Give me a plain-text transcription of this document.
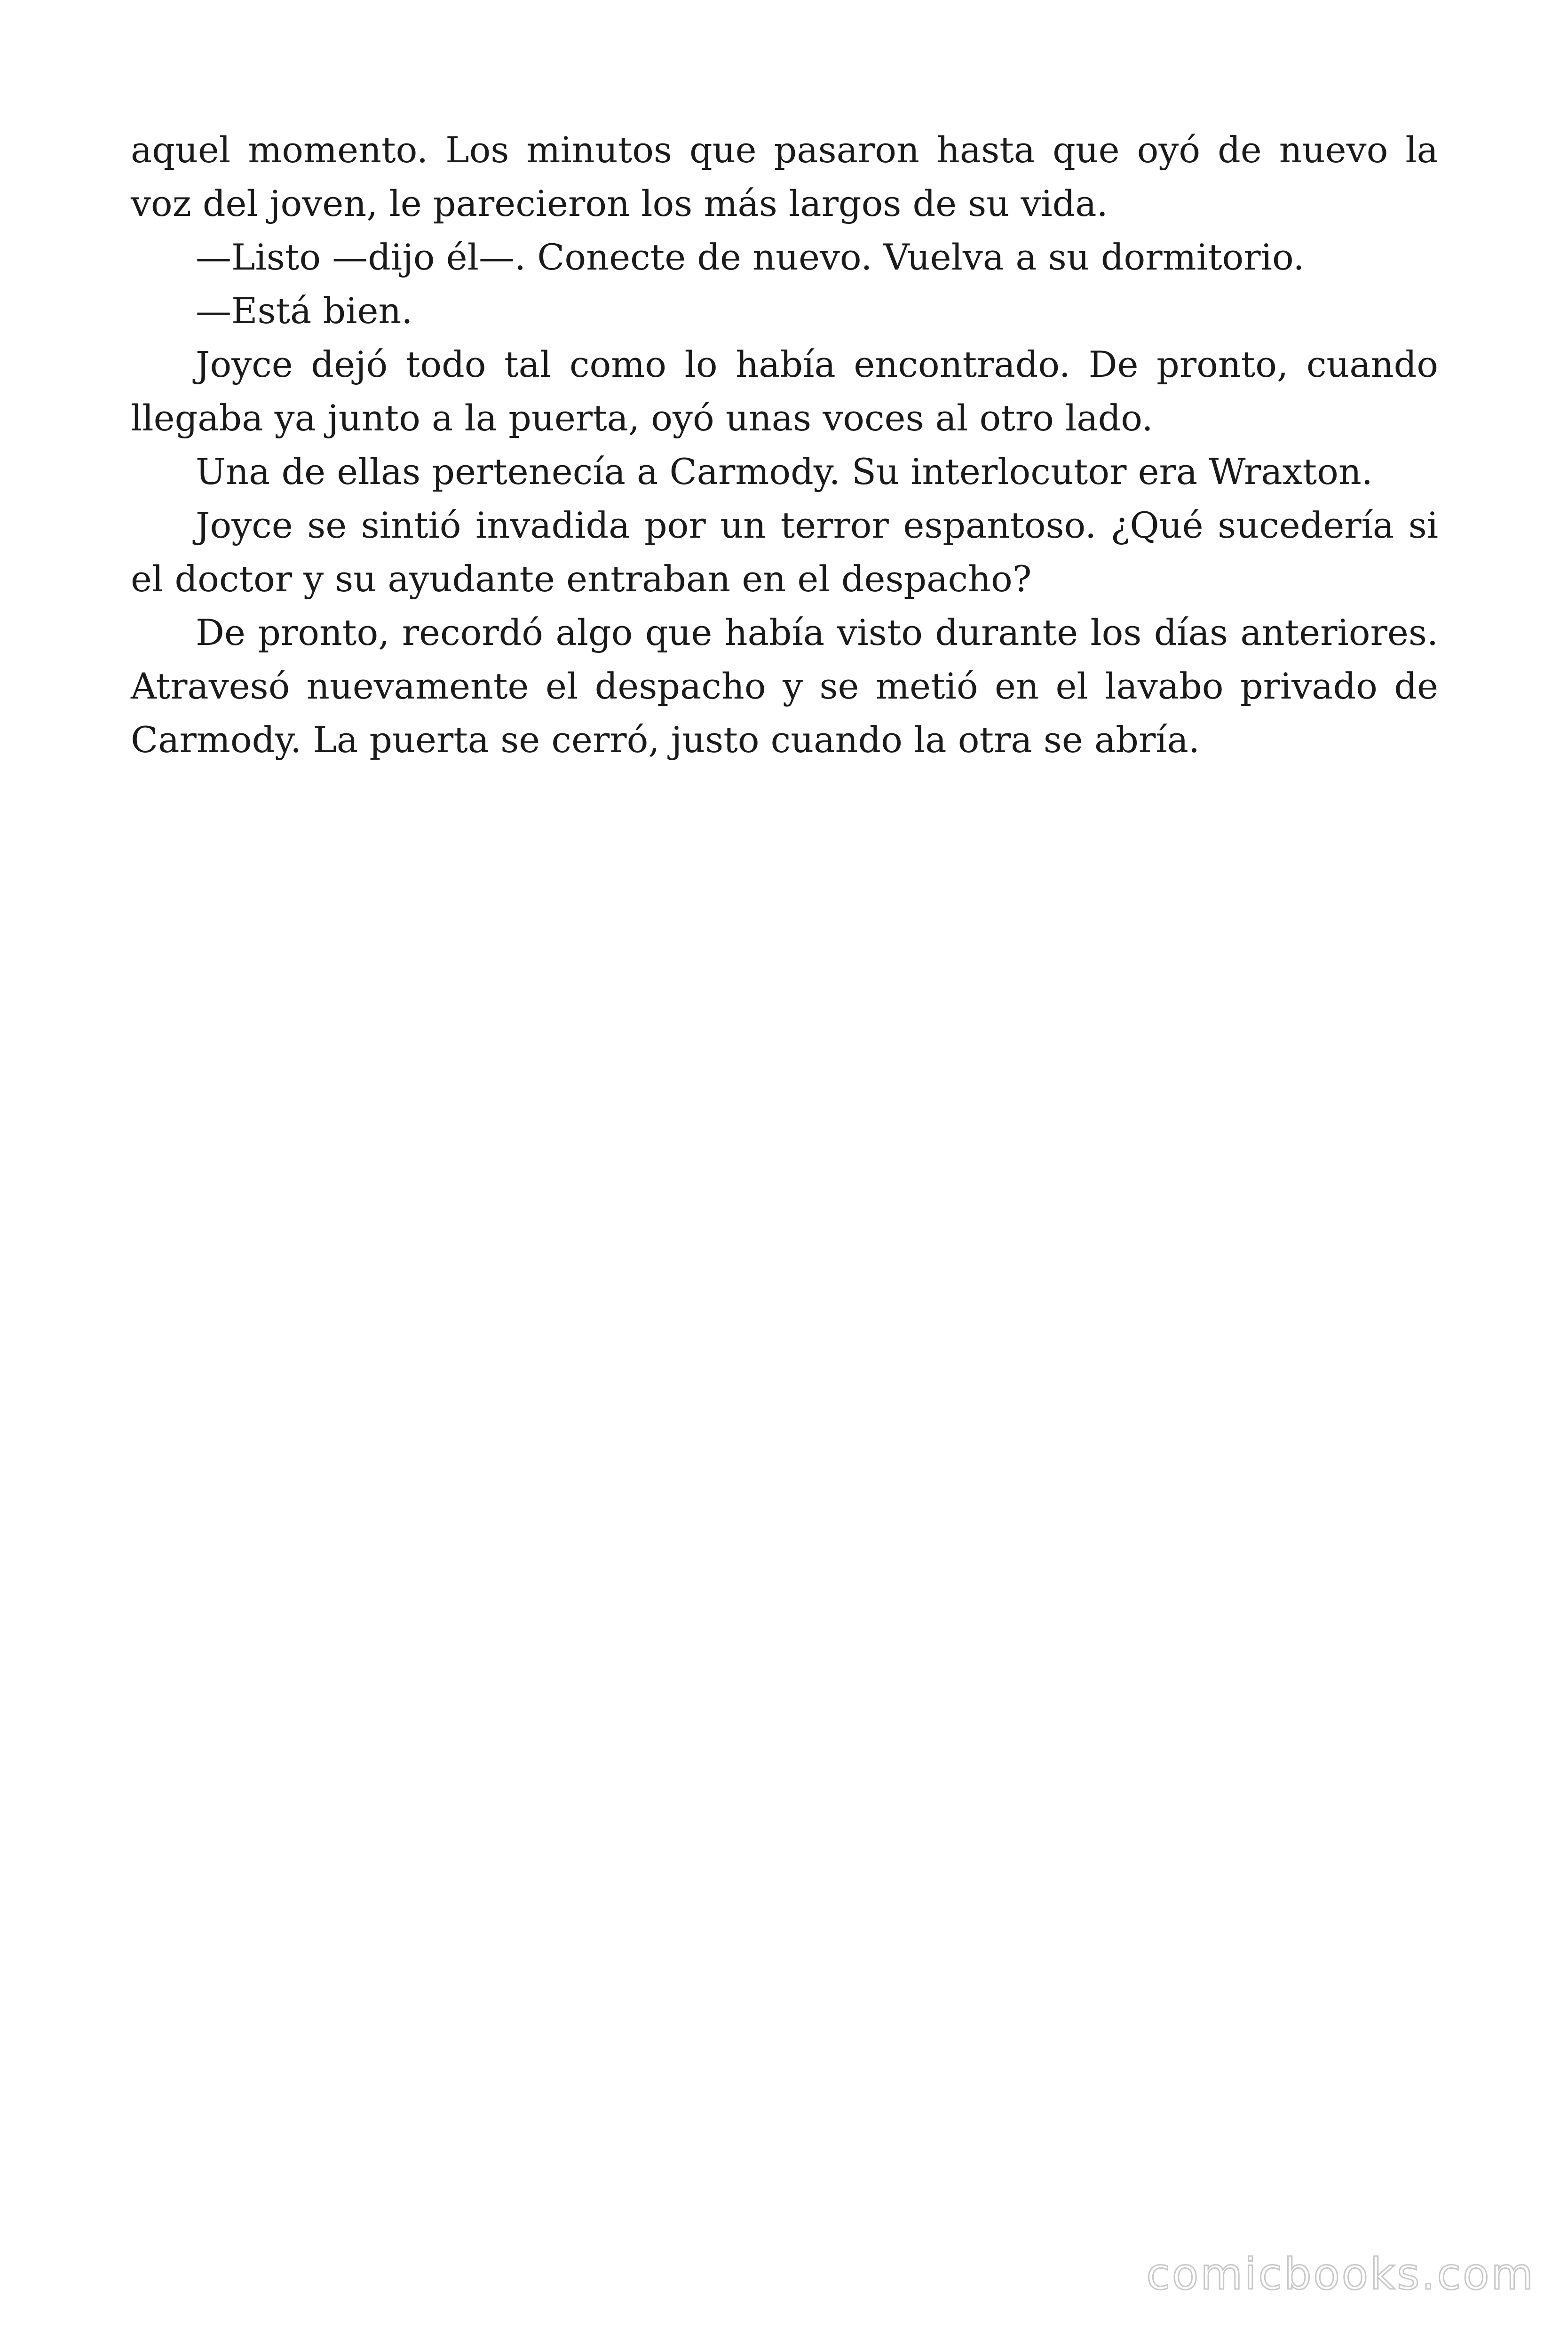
aquel momento. Los minutos que pasaron hasta que oyó de nuevo la voz del joven, le parecieron los más largos de su vida.

—Listo —dijo él—. Conecte de nuevo. Vuelva a su dormitorio.

—Está bien.

Joyce dejó todo tal como lo había encontrado. De pronto, cuando llegaba ya junto a la puerta, oyó unas voces al otro lado.

Una de ellas pertenecía a Carmody. Su interlocutor era Wraxton.

Joyce se sintió invadida por un terror espantoso. ¿Qué sucedería si el doctor y su ayudante entraban en el despacho?

De pronto, recordó algo que había visto durante los días anteriores. Atravesó nuevamente el despacho y se metió en el lavabo privado de Carmody. La puerta se cerró, justo cuando la otra se abría.

comicbooks.com
